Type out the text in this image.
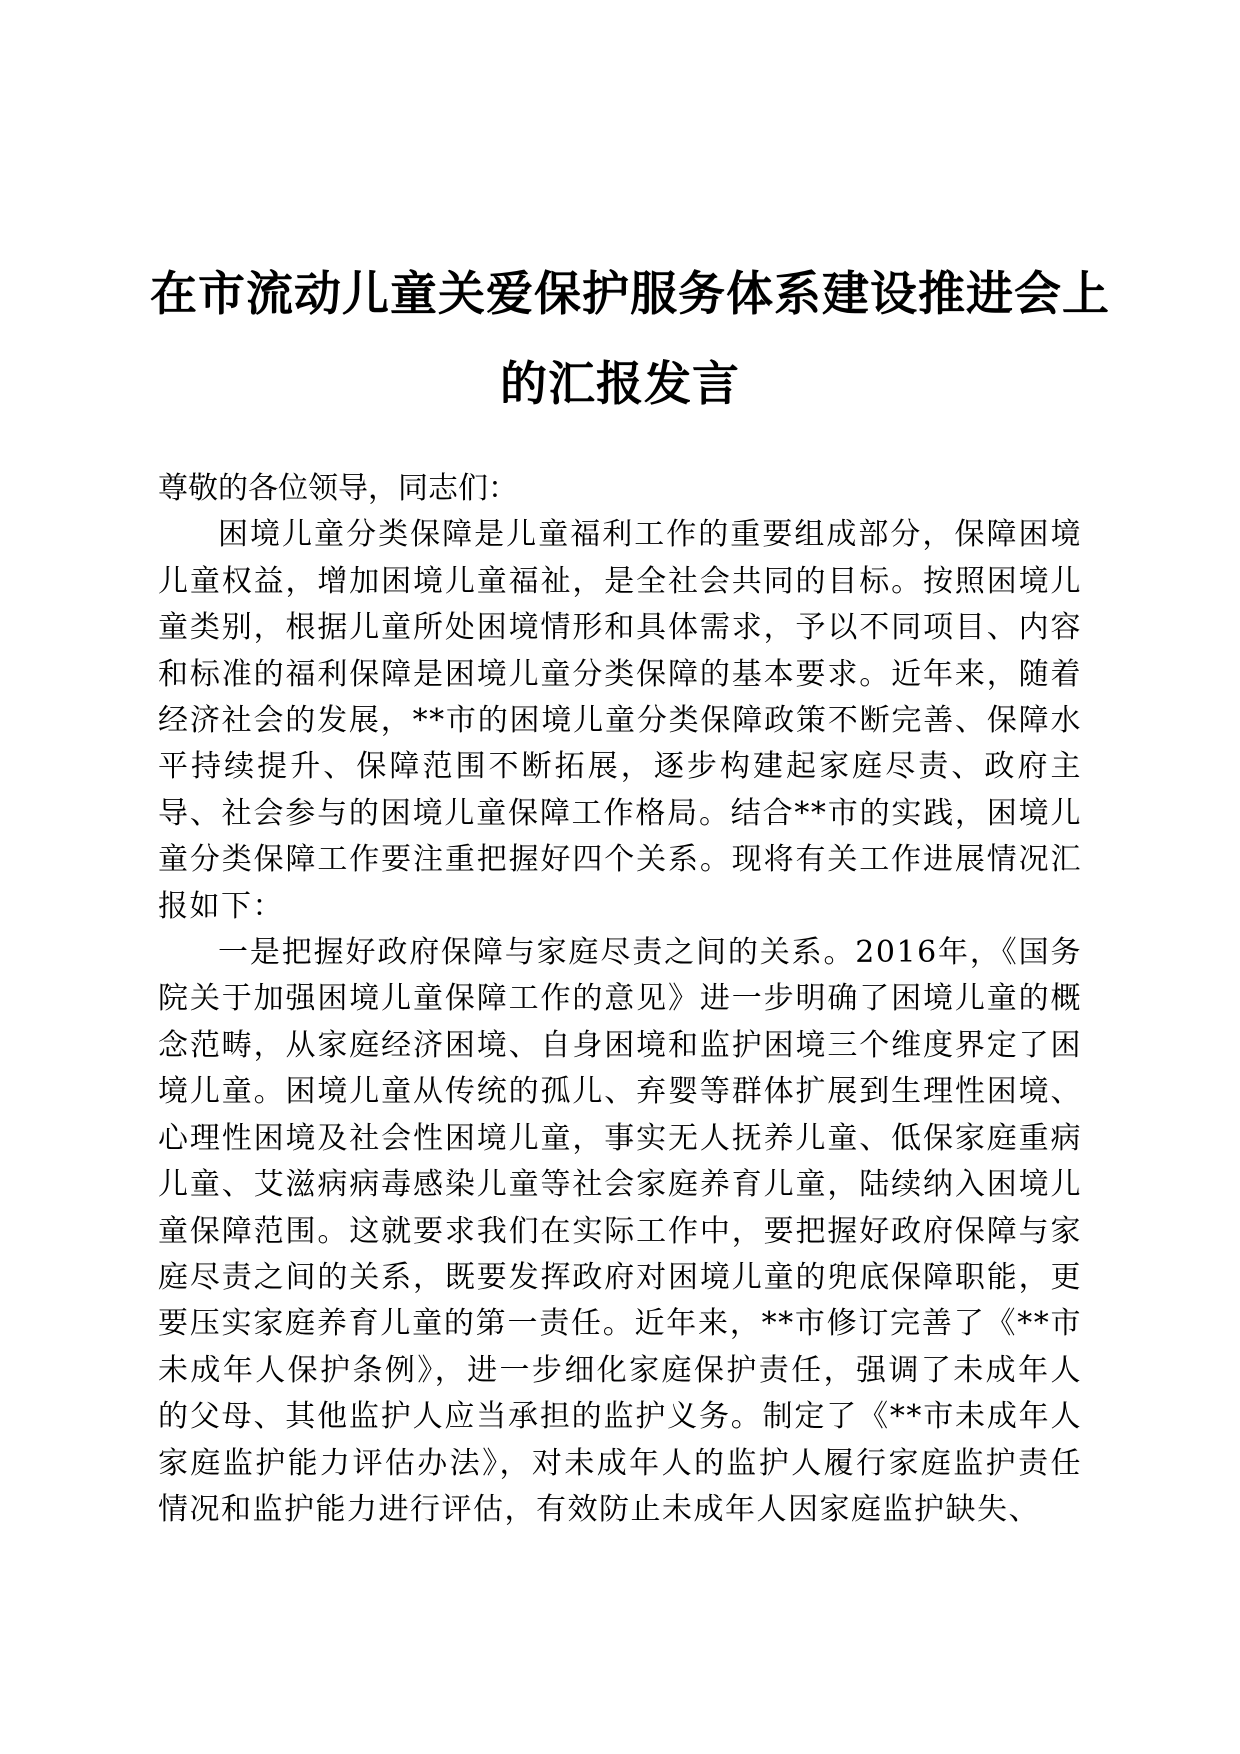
在市流动儿童关爱保护服务体系建设推进会上
的汇报发言

尊敬的各位领导，同志们：

困境儿童分类保障是儿童福利工作的重要组成部分，保障困境儿童权益，增加困境儿童福祉，是全社会共同的目标。按照困境儿童类别，根据儿童所处困境情形和具体需求，予以不同项目、内容和标准的福利保障是困境儿童分类保障的基本要求。近年来，随着经济社会的发展，**市的困境儿童分类保障政策不断完善、保障水平持续提升、保障范围不断拓展，逐步构建起家庭尽责、政府主导、社会参与的困境儿童保障工作格局。结合**市的实践，困境儿童分类保障工作要注重把握好四个关系。现将有关工作进展情况汇报如下：

一是把握好政府保障与家庭尽责之间的关系。2016年，《国务院关于加强困境儿童保障工作的意见》进一步明确了困境儿童的概念范畴，从家庭经济困境、自身困境和监护困境三个维度界定了困境儿童。困境儿童从传统的孤儿、弃婴等群体扩展到生理性困境、心理性困境及社会性困境儿童，事实无人抚养儿童、低保家庭重病儿童、艾滋病病毒感染儿童等社会家庭养育儿童，陆续纳入困境儿童保障范围。这就要求我们在实际工作中，要把握好政府保障与家庭尽责之间的关系，既要发挥政府对困境儿童的兜底保障职能，更要压实家庭养育儿童的第一责任。近年来，**市修订完善了《**市未成年人保护条例》，进一步细化家庭保护责任，强调了未成年人的父母、其他监护人应当承担的监护义务。制定了《**市未成年人家庭监护能力评估办法》，对未成年人的监护人履行家庭监护责任情况和监护能力进行评估，有效防止未成年人因家庭监护缺失、
